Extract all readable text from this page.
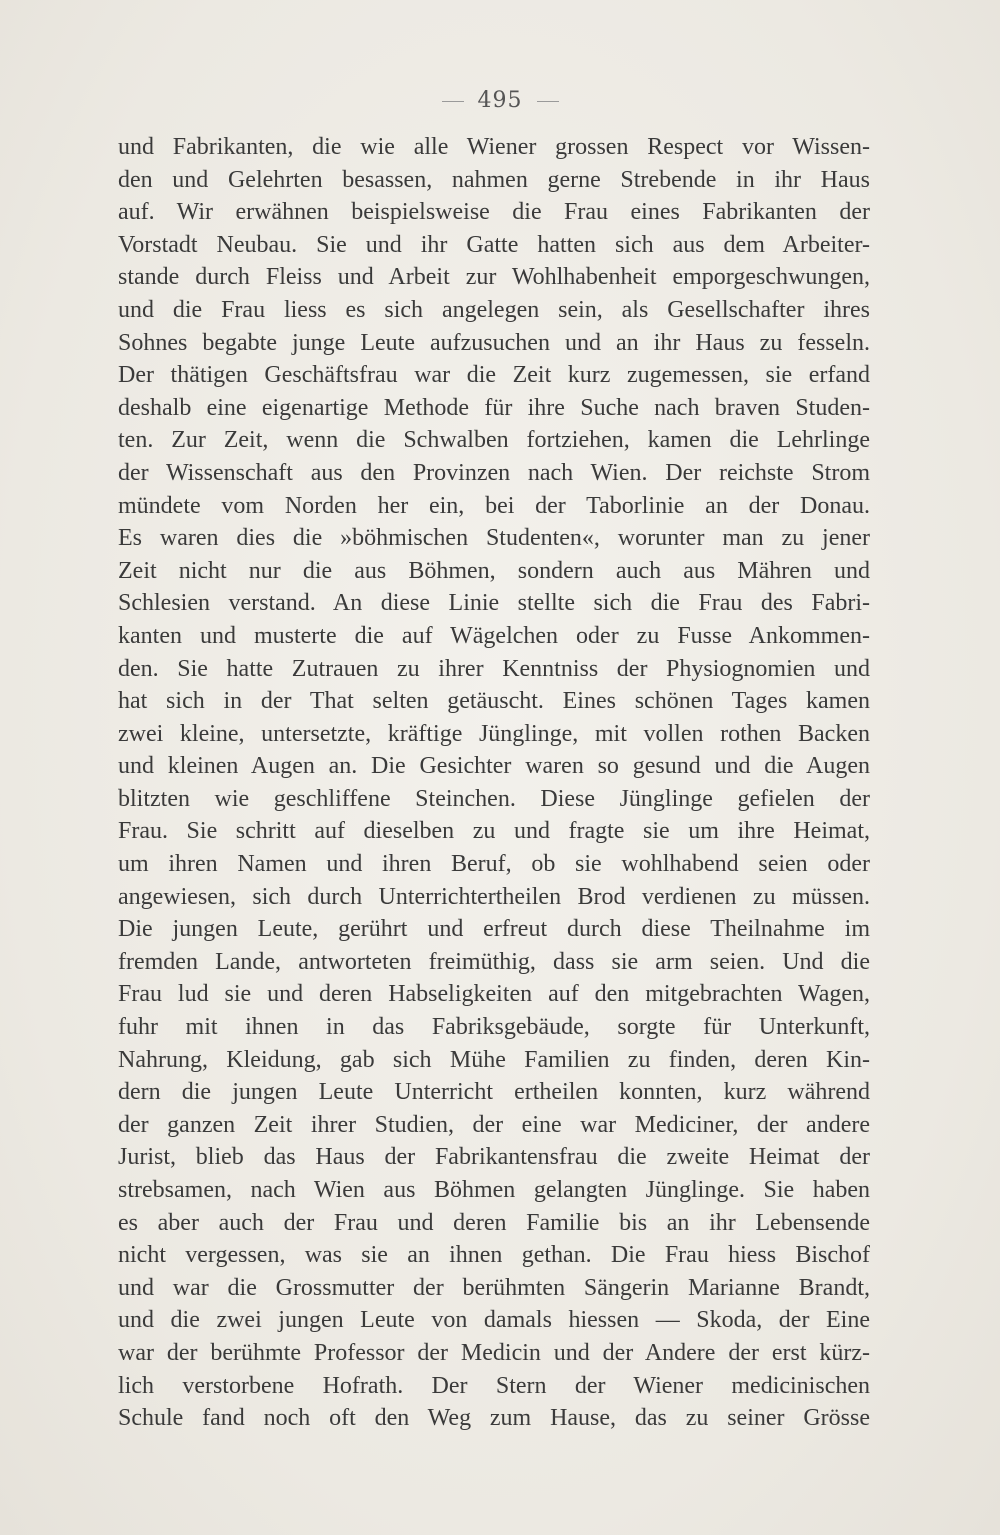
495
und Fabrikanten, die wie alle Wiener grossen Respect vor Wissen-
den und Gelehrten besassen, nahmen gerne Strebende in ihr Haus
auf. Wir erwähnen beispielsweise die Frau eines Fabrikanten der
Vorstadt Neubau. Sie und ihr Gatte hatten sich aus dem Arbeiter-
stande durch Fleiss und Arbeit zur Wohlhabenheit emporgeschwungen,
und die Frau liess es sich angelegen sein, als Gesellschafter ihres
Sohnes begabte junge Leute aufzusuchen und an ihr Haus zu fesseln.
Der thätigen Geschäftsfrau war die Zeit kurz zugemessen, sie erfand
deshalb eine eigenartige Methode für ihre Suche nach braven Studen-
ten. Zur Zeit, wenn die Schwalben fortziehen, kamen die Lehrlinge
der Wissenschaft aus den Provinzen nach Wien. Der reichste Strom
mündete vom Norden her ein, bei der Taborlinie an der Donau.
Es waren dies die »böhmischen Studenten«, worunter man zu jener
Zeit nicht nur die aus Böhmen, sondern auch aus Mähren und
Schlesien verstand. An diese Linie stellte sich die Frau des Fabri-
kanten und musterte die auf Wägelchen oder zu Fusse Ankommen-
den. Sie hatte Zutrauen zu ihrer Kenntniss der Physiognomien und
hat sich in der That selten getäuscht. Eines schönen Tages kamen
zwei kleine, untersetzte, kräftige Jünglinge, mit vollen rothen Backen
und kleinen Augen an. Die Gesichter waren so gesund und die Augen
blitzten wie geschliffene Steinchen. Diese Jünglinge gefielen der
Frau. Sie schritt auf dieselben zu und fragte sie um ihre Heimat,
um ihren Namen und ihren Beruf, ob sie wohlhabend seien oder
angewiesen, sich durch Unterrichtertheilen Brod verdienen zu müssen.
Die jungen Leute, gerührt und erfreut durch diese Theilnahme im
fremden Lande, antworteten freimüthig, dass sie arm seien. Und die
Frau lud sie und deren Habseligkeiten auf den mitgebrachten Wagen,
fuhr mit ihnen in das Fabriksgebäude, sorgte für Unterkunft,
Nahrung, Kleidung, gab sich Mühe Familien zu finden, deren Kin-
dern die jungen Leute Unterricht ertheilen konnten, kurz während
der ganzen Zeit ihrer Studien, der eine war Mediciner, der andere
Jurist, blieb das Haus der Fabrikantensfrau die zweite Heimat der
strebsamen, nach Wien aus Böhmen gelangten Jünglinge. Sie haben
es aber auch der Frau und deren Familie bis an ihr Lebensende
nicht vergessen, was sie an ihnen gethan. Die Frau hiess Bischof
und war die Grossmutter der berühmten Sängerin Marianne Brandt,
und die zwei jungen Leute von damals hiessen — Skoda, der Eine
war der berühmte Professor der Medicin und der Andere der erst kürz-
lich verstorbene Hofrath. Der Stern der Wiener medicinischen
Schule fand noch oft den Weg zum Hause, das zu seiner Grösse
